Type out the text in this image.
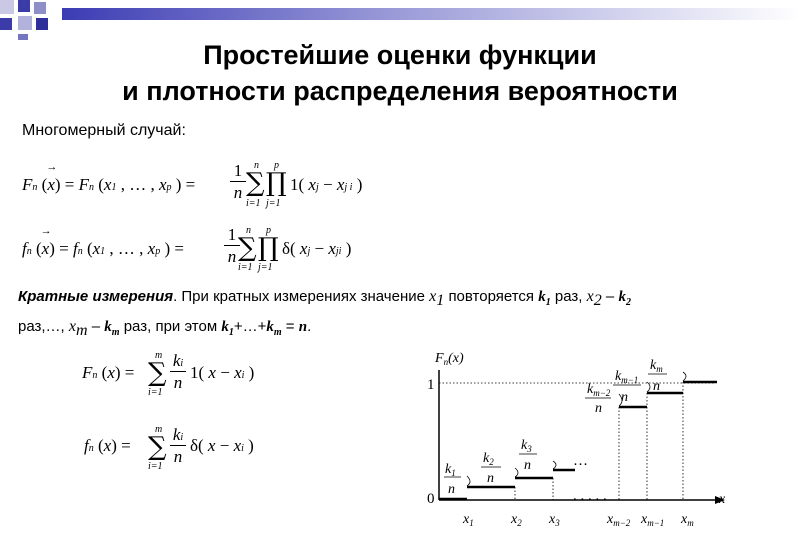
Простейшие оценки функции
и плотности распределения вероятности
Многомерный случай:
Fn (x
→
) = Fn (x1 , … , xp ) =
1
n
n
∑
i=1
p
∏
j=1
1( xj − xj i )
fn (x
→
) = fn (x1 , … , xp ) =
1
n
n
∑
i=1
p
∏
j=1
δ( xj − xji )
Кратные измерения. При кратных измерениях значение $x_1$ повторяется $k_1$ раз, $x_2 - k_2$
раз,…, $x_m - k_m$ раз, при этом $k_1+\dots+k_m = n$.
Fn (x) =
m
∑
i=1
ki
n
1( x − xi )
fn (x) =
m
∑
i=1
ki
n
δ( x − xi )
x
$F_n(x)$
1
0
…
. . . . .
$k_1$
n
$k_2$
n
$k_3$
n
$k_{m-2}$
n
$k_{m-1}$
n
$k_m$
n
$x_1$	$x_2$ $x_3$	$x_{m-2}$ $x_{m-1}$ $x_m$
